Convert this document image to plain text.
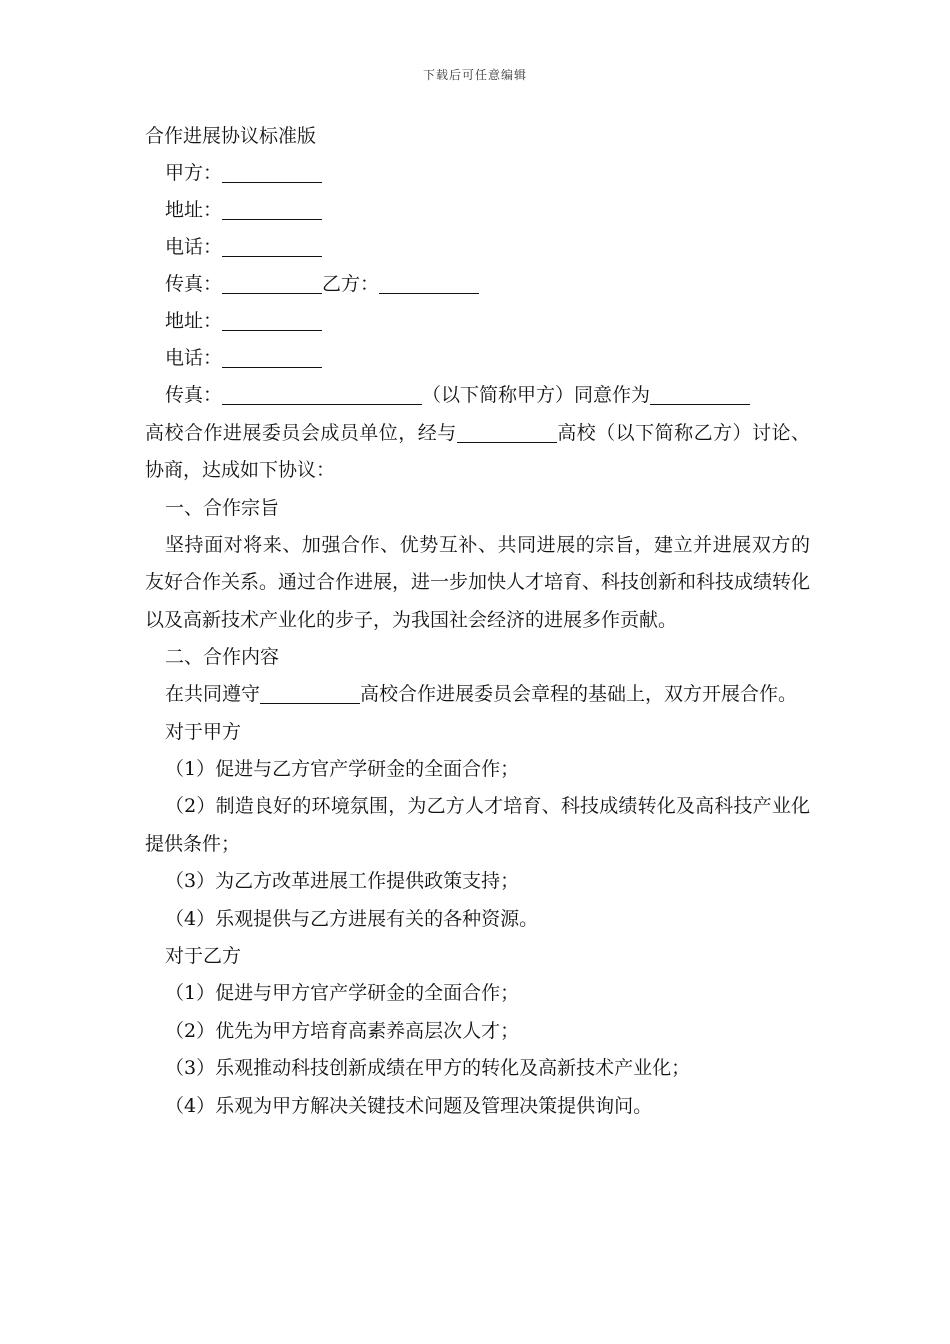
下载后可任意编辑
合作进展协议标准版
甲方：
地址：
电话：
传真：	乙方：
地址：
电话：
传真：	（以下简称甲方）同意作为
高校合作进展委员会成员单位，经与	高校（以下简称乙方）讨论、协商，达成如下协议：
一、合作宗旨
坚持面对将来、加强合作、优势互补、共同进展的宗旨，建立并进展双方的友好合作关系。通过合作进展，进一步加快人才培育、科技创新和科技成绩转化以及高新技术产业化的步子，为我国社会经济的进展多作贡献。
二、合作内容
在共同遵守	高校合作进展委员会章程的基础上，双方开展合作。
对于甲方
（1）促进与乙方官产学研金的全面合作；
（2）制造良好的环境氛围，为乙方人才培育、科技成绩转化及高科技产业化提供条件；
（3）为乙方改革进展工作提供政策支持；
（4）乐观提供与乙方进展有关的各种资源。
对于乙方
（1）促进与甲方官产学研金的全面合作；
（2）优先为甲方培育高素养高层次人才；
（3）乐观推动科技创新成绩在甲方的转化及高新技术产业化；
（4）乐观为甲方解决关键技术问题及管理决策提供询问。
